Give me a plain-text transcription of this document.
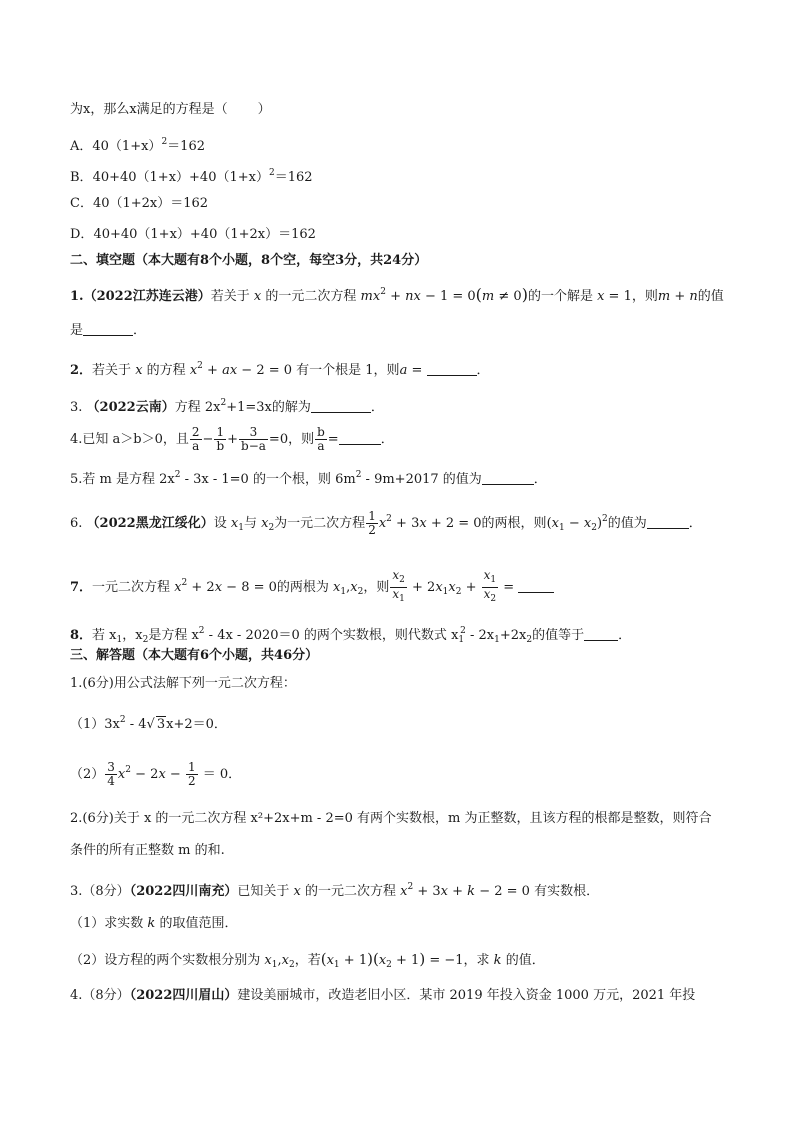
为x，那么x满足的方程是（ ）
A．$40(1+x)^2=162$
B．$40+40(1+x)+40(1+x)^2=162$
C．40（1+2x）＝162
D．40+40（1+x）+40（1+2x）＝162
二、填空题（本大题有8个小题，8个空，每空3分，共24分）
1.（2022江苏连云港）若关于 x 的一元二次方程 $mx^2$ + nx − 1 = 0(m ≠ 0)的一个解是 x = 1，则m + n的值
是	．
2．若关于 x 的方程 $x^2$ + ax − 2 = 0 有一个根是 1，则a =	．
3. （2022云南）方程 $2x^2+1=3x$的解为	．
4.已知 a＞b＞0，且 $\frac{2}{a} - \frac{1}{b} + \frac{3}{b-a} =0$，则 $\frac{b}{a}$ =	．
5.若 m 是方程 $2x^2 - 3x - 1=0$ 的一个根，则 $6m^2 - 9m+2017$ 的值为	．
6. （2022黑龙江绥化）设 $x_1$与 $x_2$为一元二次方程 $\frac{1}{2} x^2 + 3x + 2 = 0$的两根，则$(x_1 - x_2)^2$的值为	．
7．一元二次方程 $x^2 + 2x - 8 = 0$的两根为 $x_1,x_2$，则 $\frac{x_2}{x_1} + 2x_1x_2 + \frac{x_1}{x_2}$ =
8．若 $x_1$，$x_2$是方程 $x^2 - 4x - 2020=0$ 的两个实数根，则代数式 $x_1^2 - 2x_1+2x_2$的值等于	．
三、解答题（本大题有6个小题，共46分）
1.(6分)用公式法解下列一元二次方程：
$(1)3x^2 - 4√$ 3x+2＝0．
$(2) \frac{3}{4} x^2 - 2x - \frac{1}{2} = 0$．
2.(6分)关于 x 的一元二次方程 x²+2x+m - 2=0 有两个实数根，m 为正整数，且该方程的根都是整数，则符合
条件的所有正整数 m 的和.
3.（8分）（2022四川南充）已知关于 x 的一元二次方程 $x^2 + 3x + k - 2 = 0$ 有实数根．
（1）求实数 k 的取值范围．
（2）设方程的两个实数根分别为 $x_1,x_2$，若$(x_1 + 1)(x_2 + 1) = -1$，求 k 的值．
4.（8分）（2022四川眉山）建设美丽城市，改造老旧小区．某市 2019 年投入资金 1000 万元，2021 年投
